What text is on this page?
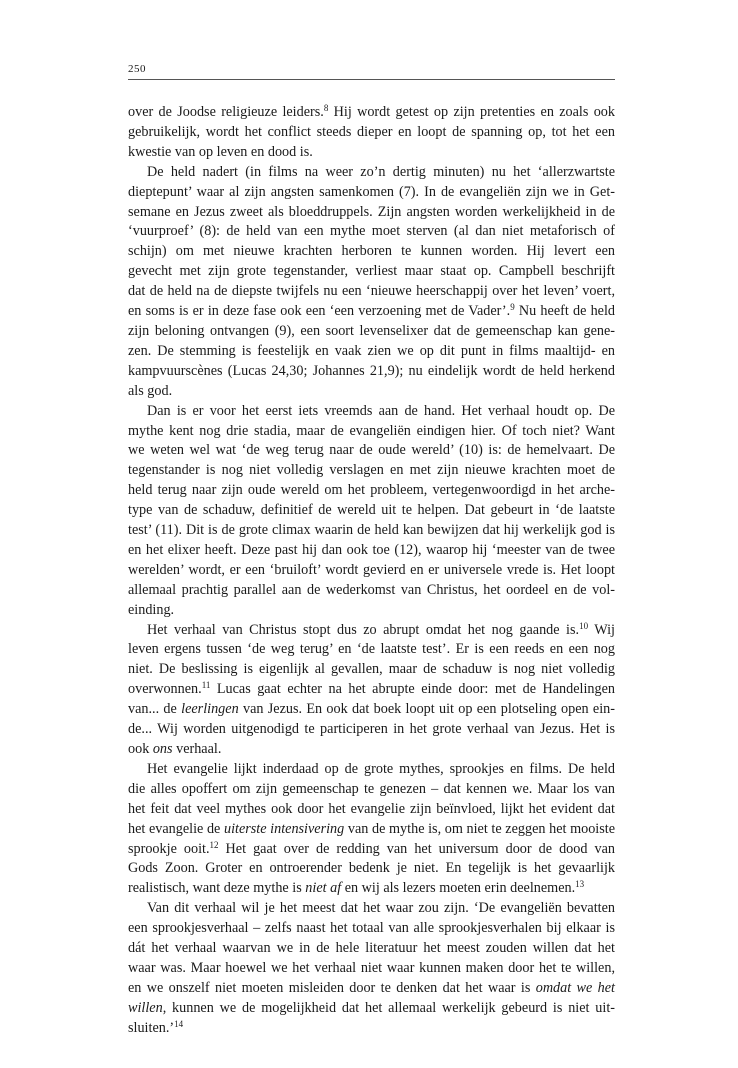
250
over de Joodse religieuze leiders.$^8$ Hij wordt getest op zijn pretenties en zoals ook
gebruikelijk, wordt het conflict steeds dieper en loopt de spanning op, tot het een
kwestie van op leven en dood is.
De held nadert (in films na weer zo’n dertig minuten) nu het ‘allerzwartste
dieptepunt’ waar al zijn angsten samenkomen (7). In de evangeliën zijn we in Get-
semane en Jezus zweet als bloeddruppels. Zijn angsten worden werkelijkheid in de
‘vuurproef’ (8): de held van een mythe moet sterven (al dan niet metaforisch of
schijn) om met nieuwe krachten herboren te kunnen worden. Hij levert een
gevecht met zijn grote tegenstander, verliest maar staat op. Campbell beschrijft
dat de held na de diepste twijfels nu een ‘nieuwe heerschappij over het leven’ voert,
en soms is er in deze fase ook een ‘een verzoening met de Vader’.$^9$ Nu heeft de held
zijn beloning ontvangen (9), een soort levenselixer dat de gemeenschap kan gene-
zen. De stemming is feestelijk en vaak zien we op dit punt in films maaltijd- en
kampvuurscènes (Lucas 24,30; Johannes 21,9); nu eindelijk wordt de held herkend
als god.
Dan is er voor het eerst iets vreemds aan de hand. Het verhaal houdt op. De
mythe kent nog drie stadia, maar de evangeliën eindigen hier. Of toch niet? Want
we weten wel wat ‘de weg terug naar de oude wereld’ (10) is: de hemelvaart. De
tegenstander is nog niet volledig verslagen en met zijn nieuwe krachten moet de
held terug naar zijn oude wereld om het probleem, vertegenwoordigd in het arche-
type van de schaduw, definitief de wereld uit te helpen. Dat gebeurt in ‘de laatste
test’ (11). Dit is de grote climax waarin de held kan bewijzen dat hij werkelijk god is
en het elixer heeft. Deze past hij dan ook toe (12), waarop hij ‘meester van de twee
werelden’ wordt, er een ‘bruiloft’ wordt gevierd en er universele vrede is. Het loopt
allemaal prachtig parallel aan de wederkomst van Christus, het oordeel en de vol-
einding.
Het verhaal van Christus stopt dus zo abrupt omdat het nog gaande is.$^{10}$ Wij
leven ergens tussen ‘de weg terug’ en ‘de laatste test’. Er is een reeds en een nog
niet. De beslissing is eigenlijk al gevallen, maar de schaduw is nog niet volledig
overwonnen.$^{11}$ Lucas gaat echter na het abrupte einde door: met de Handelingen
van... de leerlingen van Jezus. En ook dat boek loopt uit op een plotseling open ein-
de... Wij worden uitgenodigd te participeren in het grote verhaal van Jezus. Het is
ook ons verhaal.
Het evangelie lijkt inderdaad op de grote mythes, sprookjes en films. De held
die alles opoffert om zijn gemeenschap te genezen – dat kennen we. Maar los van
het feit dat veel mythes ook door het evangelie zijn beïnvloed, lijkt het evident dat
het evangelie de uiterste intensivering van de mythe is, om niet te zeggen het mooiste
sprookje ooit.$^{12}$ Het gaat over de redding van het universum door de dood van
Gods Zoon. Groter en ontroerender bedenk je niet. En tegelijk is het gevaarlijk
realistisch, want deze mythe is niet af en wij als lezers moeten erin deelnemen.$^{13}$
Van dit verhaal wil je het meest dat het waar zou zijn. ‘De evangeliën bevatten
een sprookjesverhaal – zelfs naast het totaal van alle sprookjesverhalen bij elkaar is
dát het verhaal waarvan we in de hele literatuur het meest zouden willen dat het
waar was. Maar hoewel we het verhaal niet waar kunnen maken door het te willen,
en we onszelf niet moeten misleiden door te denken dat het waar is omdat we het
willen, kunnen we de mogelijkheid dat het allemaal werkelijk gebeurd is niet uit-
sluiten.’$^{14}$
